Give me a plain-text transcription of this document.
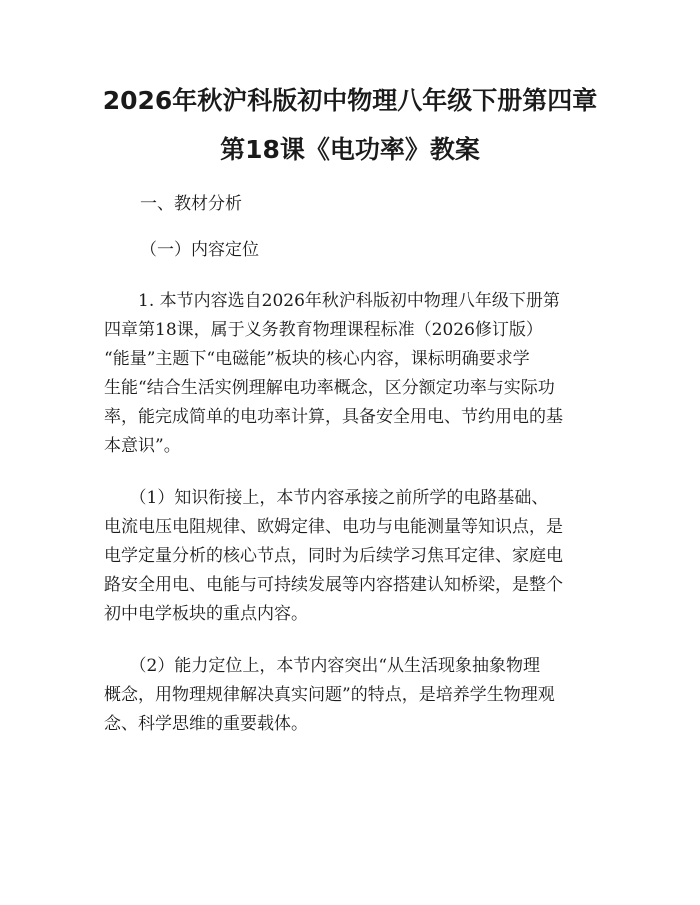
2026年秋沪科版初中物理八年级下册第四章
第18课《电功率》教案

一、教材分析

（一）内容定位

　　1. 本节内容选自2026年秋沪科版初中物理八年级下册第

四章第18课，属于义务教育物理课程标准（2026修订版）

“能量”主题下“电磁能”板块的核心内容，课标明确要求学

生能“结合生活实例理解电功率概念，区分额定功率与实际功

率，能完成简单的电功率计算，具备安全用电、节约用电的基

本意识”。

　　（1）知识衔接上，本节内容承接之前所学的电路基础、

电流电压电阻规律、欧姆定律、电功与电能测量等知识点，是

电学定量分析的核心节点，同时为后续学习焦耳定律、家庭电

路安全用电、电能与可持续发展等内容搭建认知桥梁，是整个

初中电学板块的重点内容。

　　（2）能力定位上，本节内容突出“从生活现象抽象物理

概念，用物理规律解决真实问题”的特点，是培养学生物理观

念、科学思维的重要载体。
